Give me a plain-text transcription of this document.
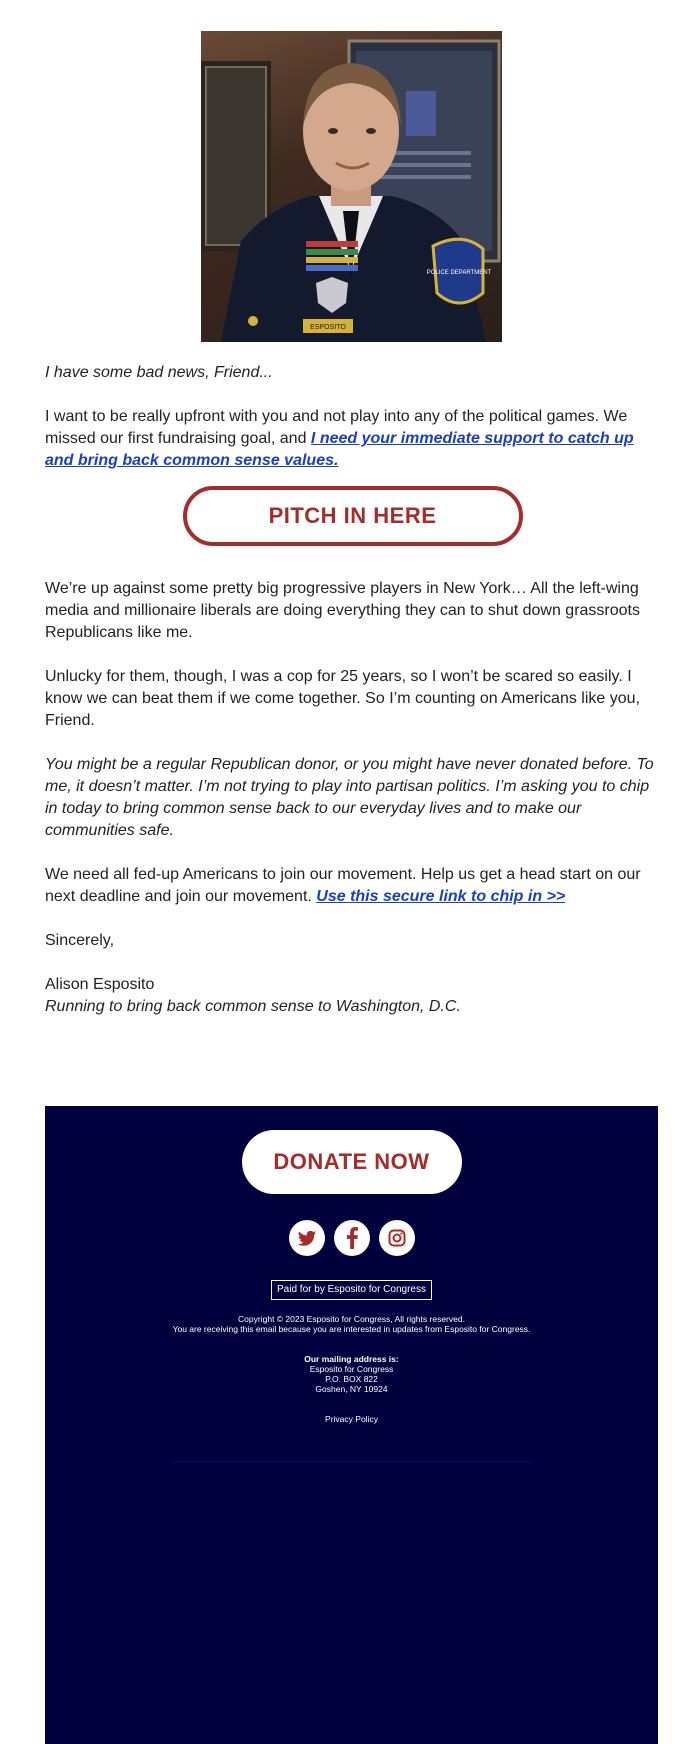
ESPOSITO
POLICE DEPARTMENT

I have some bad news, Friend...

I want to be really upfront with you and not play into any of the political games. We missed our first fundraising goal, and I need your immediate support to catch up and bring back common sense values.

PITCH IN HERE

We’re up against some pretty big progressive players in New York… All the left-wing media and millionaire liberals are doing everything they can to shut down grassroots Republicans like me.

Unlucky for them, though, I was a cop for 25 years, so I won’t be scared so easily. I know we can beat them if we come together. So I’m counting on Americans like you, Friend.

You might be a regular Republican donor, or you might have never donated before. To me, it doesn’t matter. I’m not trying to play into partisan politics. I’m asking you to chip in today to bring common sense back to our everyday lives and to make our communities safe.

We need all fed-up Americans to join our movement. Help us get a head start on our next deadline and join our movement. Use this secure link to chip in >>

Sincerely,

Alison Esposito
Running to bring back common sense to Washington, D.C.

DONATE NOW
Paid for by Esposito for Congress
Copyright © 2023 Esposito for Congress, All rights reserved.
You are receiving this email because you are interested in updates from Esposito for Congress.
Our mailing address is:
Esposito for Congress
P.O. BOX 822
Goshen, NY 10924
Privacy Policy
